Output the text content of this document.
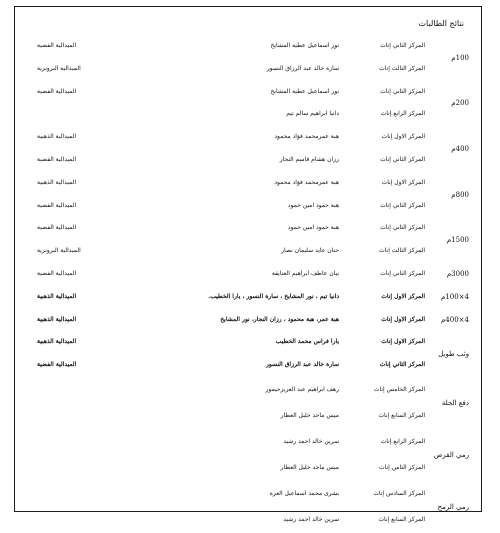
نتائج الطالبات
100م
المركز الثاني إناث
نور اسماعيل عطية المشايخ
الميدالية الفضية
المركز الثالث إناث
سارة خالد عبد الرزاق النسور
الميدالية البرونزية
200م
المركز الثاني إناث
نور اسماعيل عطية المشايخ
الميدالية الفضية
المركز الرابع إناث
دانيا ابراهيم سالم تيم
400م
المركز الاول إناث
هبة عمرمحمد فؤاد محمود
الميدالية الذهبية
المركز الثاني إناث
رزان هشام قاسم النجار
الميدالية الفضية
800م
المركز الاول إناث
هبة عمرمحمد فؤاد محمود
الميدالية الذهبية
المركز الثاني إناث
هبة حمود امين حمود
الميدالية الفضية
1500م
المركز الثاني إناث
هبة حمود امين حمود
الميدالية الفضية
المركز الثالث إناث
حنان عايد سليمان نصار
الميدالية البرونزية
3000م
المركز الثاني إناث
بيان عاطف ابراهيم العنايقة
الميدالية الفضية
4×100م
المركز الاول إناث
دانيا تيم ، نور المشايخ ، سارة النسور ، يارا الخطيب.
الميدالية الذهبية
4×400م
المركز الاول إناث
هبة عمر، هبة محمود ، رزان النجار، نور المشايخ
الميدالية الذهبية
وثب طويل
المركز الاول إناث
يارا فراس محمد الخطيب
الميدالية الذهبية
المركز الثاني إناث
سارة خالد عبد الرزاق النسور
الميدالية الفضية
دفع الجلة
المركز الخامس إناث
رهف ابراهيم عبد العزيزحيمور
المركز السابع إناث
ميس ماجد خليل العطار
رمي القرص
المركز الرابع إناث
سرين خالد احمد رشيد
المركز الثامن إناث
ميس ماجد خليل العطار
رمي الرمح
المركز السادس إناث
بشرى محمد اسماعيل العزة
المركز السابع إناث
سرين خالد احمد رشيد
